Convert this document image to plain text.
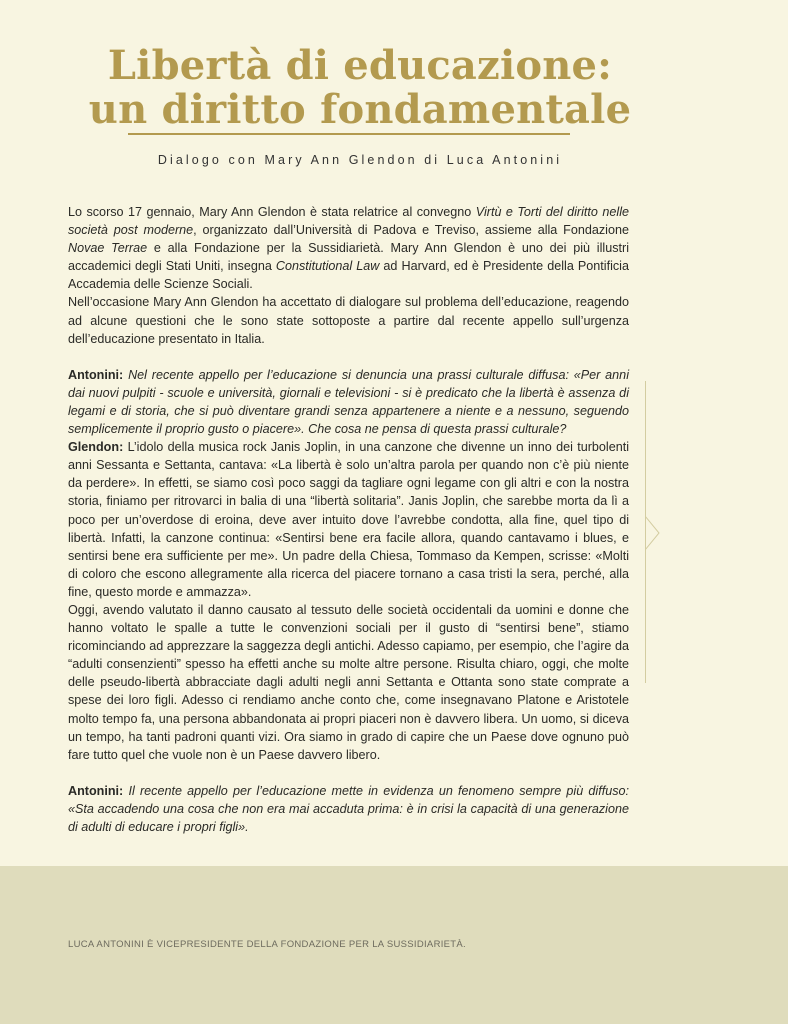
Libertà di educazione:
un diritto fondamentale
Dialogo con Mary Ann Glendon di Luca Antonini

Lo scorso 17 gennaio, Mary Ann Glendon è stata relatrice al convegno Virtù e Torti del diritto nelle società post moderne, organizzato dall’Università di Padova e Treviso, assieme alla Fondazione Novae Terrae e alla Fondazione per la Sussidiarietà. Mary Ann Glendon è uno dei più illustri accademici degli Stati Uniti, insegna Constitutional Law ad Harvard, ed è Presidente della Pontificia Accademia delle Scienze Sociali.

Nell’occasione Mary Ann Glendon ha accettato di dialogare sul problema dell’educazione, reagendo ad alcune questioni che le sono state sottoposte a partire dal recente appello sull’urgenza dell’educazione presentato in Italia.

Antonini: Nel recente appello per l’educazione si denuncia una prassi culturale diffusa: «Per anni dai nuovi pulpiti - scuole e università, giornali e televisioni - si è predicato che la libertà è assenza di legami e di storia, che si può diventare grandi senza appartenere a niente e a nessuno, seguendo semplicemente il proprio gusto o piacere». Che cosa ne pensa di questa prassi culturale?

Glendon: L’idolo della musica rock Janis Joplin, in una canzone che divenne un inno dei turbolenti anni Sessanta e Settanta, cantava: «La libertà è solo un’altra parola per quando non c’è più niente da perdere». In effetti, se siamo così poco saggi da tagliare ogni legame con gli altri e con la nostra storia, finiamo per ritrovarci in balia di una “libertà solitaria”. Janis Joplin, che sarebbe morta da lì a poco per un’overdose di eroina, deve aver intuito dove l’avrebbe condotta, alla fine, quel tipo di libertà. Infatti, la canzone continua: «Sentirsi bene era facile allora, quando cantavamo i blues, e sentirsi bene era sufficiente per me». Un padre della Chiesa, Tommaso da Kempen, scrisse: «Molti di coloro che escono allegramente alla ricerca del piacere tornano a casa tristi la sera, perché, alla fine, questo morde e ammazza».

Oggi, avendo valutato il danno causato al tessuto delle società occidentali da uomini e donne che hanno voltato le spalle a tutte le convenzioni sociali per il gusto di “sentirsi bene”, stiamo ricominciando ad apprezzare la saggezza degli antichi. Adesso capiamo, per esempio, che l’agire da “adulti consenzienti” spesso ha effetti anche su molte altre persone. Risulta chiaro, oggi, che molte delle pseudo-libertà abbracciate dagli adulti negli anni Settanta e Ottanta sono state comprate a spese dei loro figli. Adesso ci rendiamo anche conto che, come insegnavano Platone e Aristotele molto tempo fa, una persona abbandonata ai propri piaceri non è davvero libera. Un uomo, si diceva un tempo, ha tanti padroni quanti vizi. Ora siamo in grado di capire che un Paese dove ognuno può fare tutto quel che vuole non è un Paese davvero libero.

Antonini: Il recente appello per l’educazione mette in evidenza un fenomeno sempre più diffuso: «Sta accadendo una cosa che non era mai accaduta prima: è in crisi la capacità di una generazione di adulti di educare i propri figli».

LUCA ANTONINI È VICEPRESIDENTE DELLA FONDAZIONE PER LA SUSSIDIARIETÀ.
